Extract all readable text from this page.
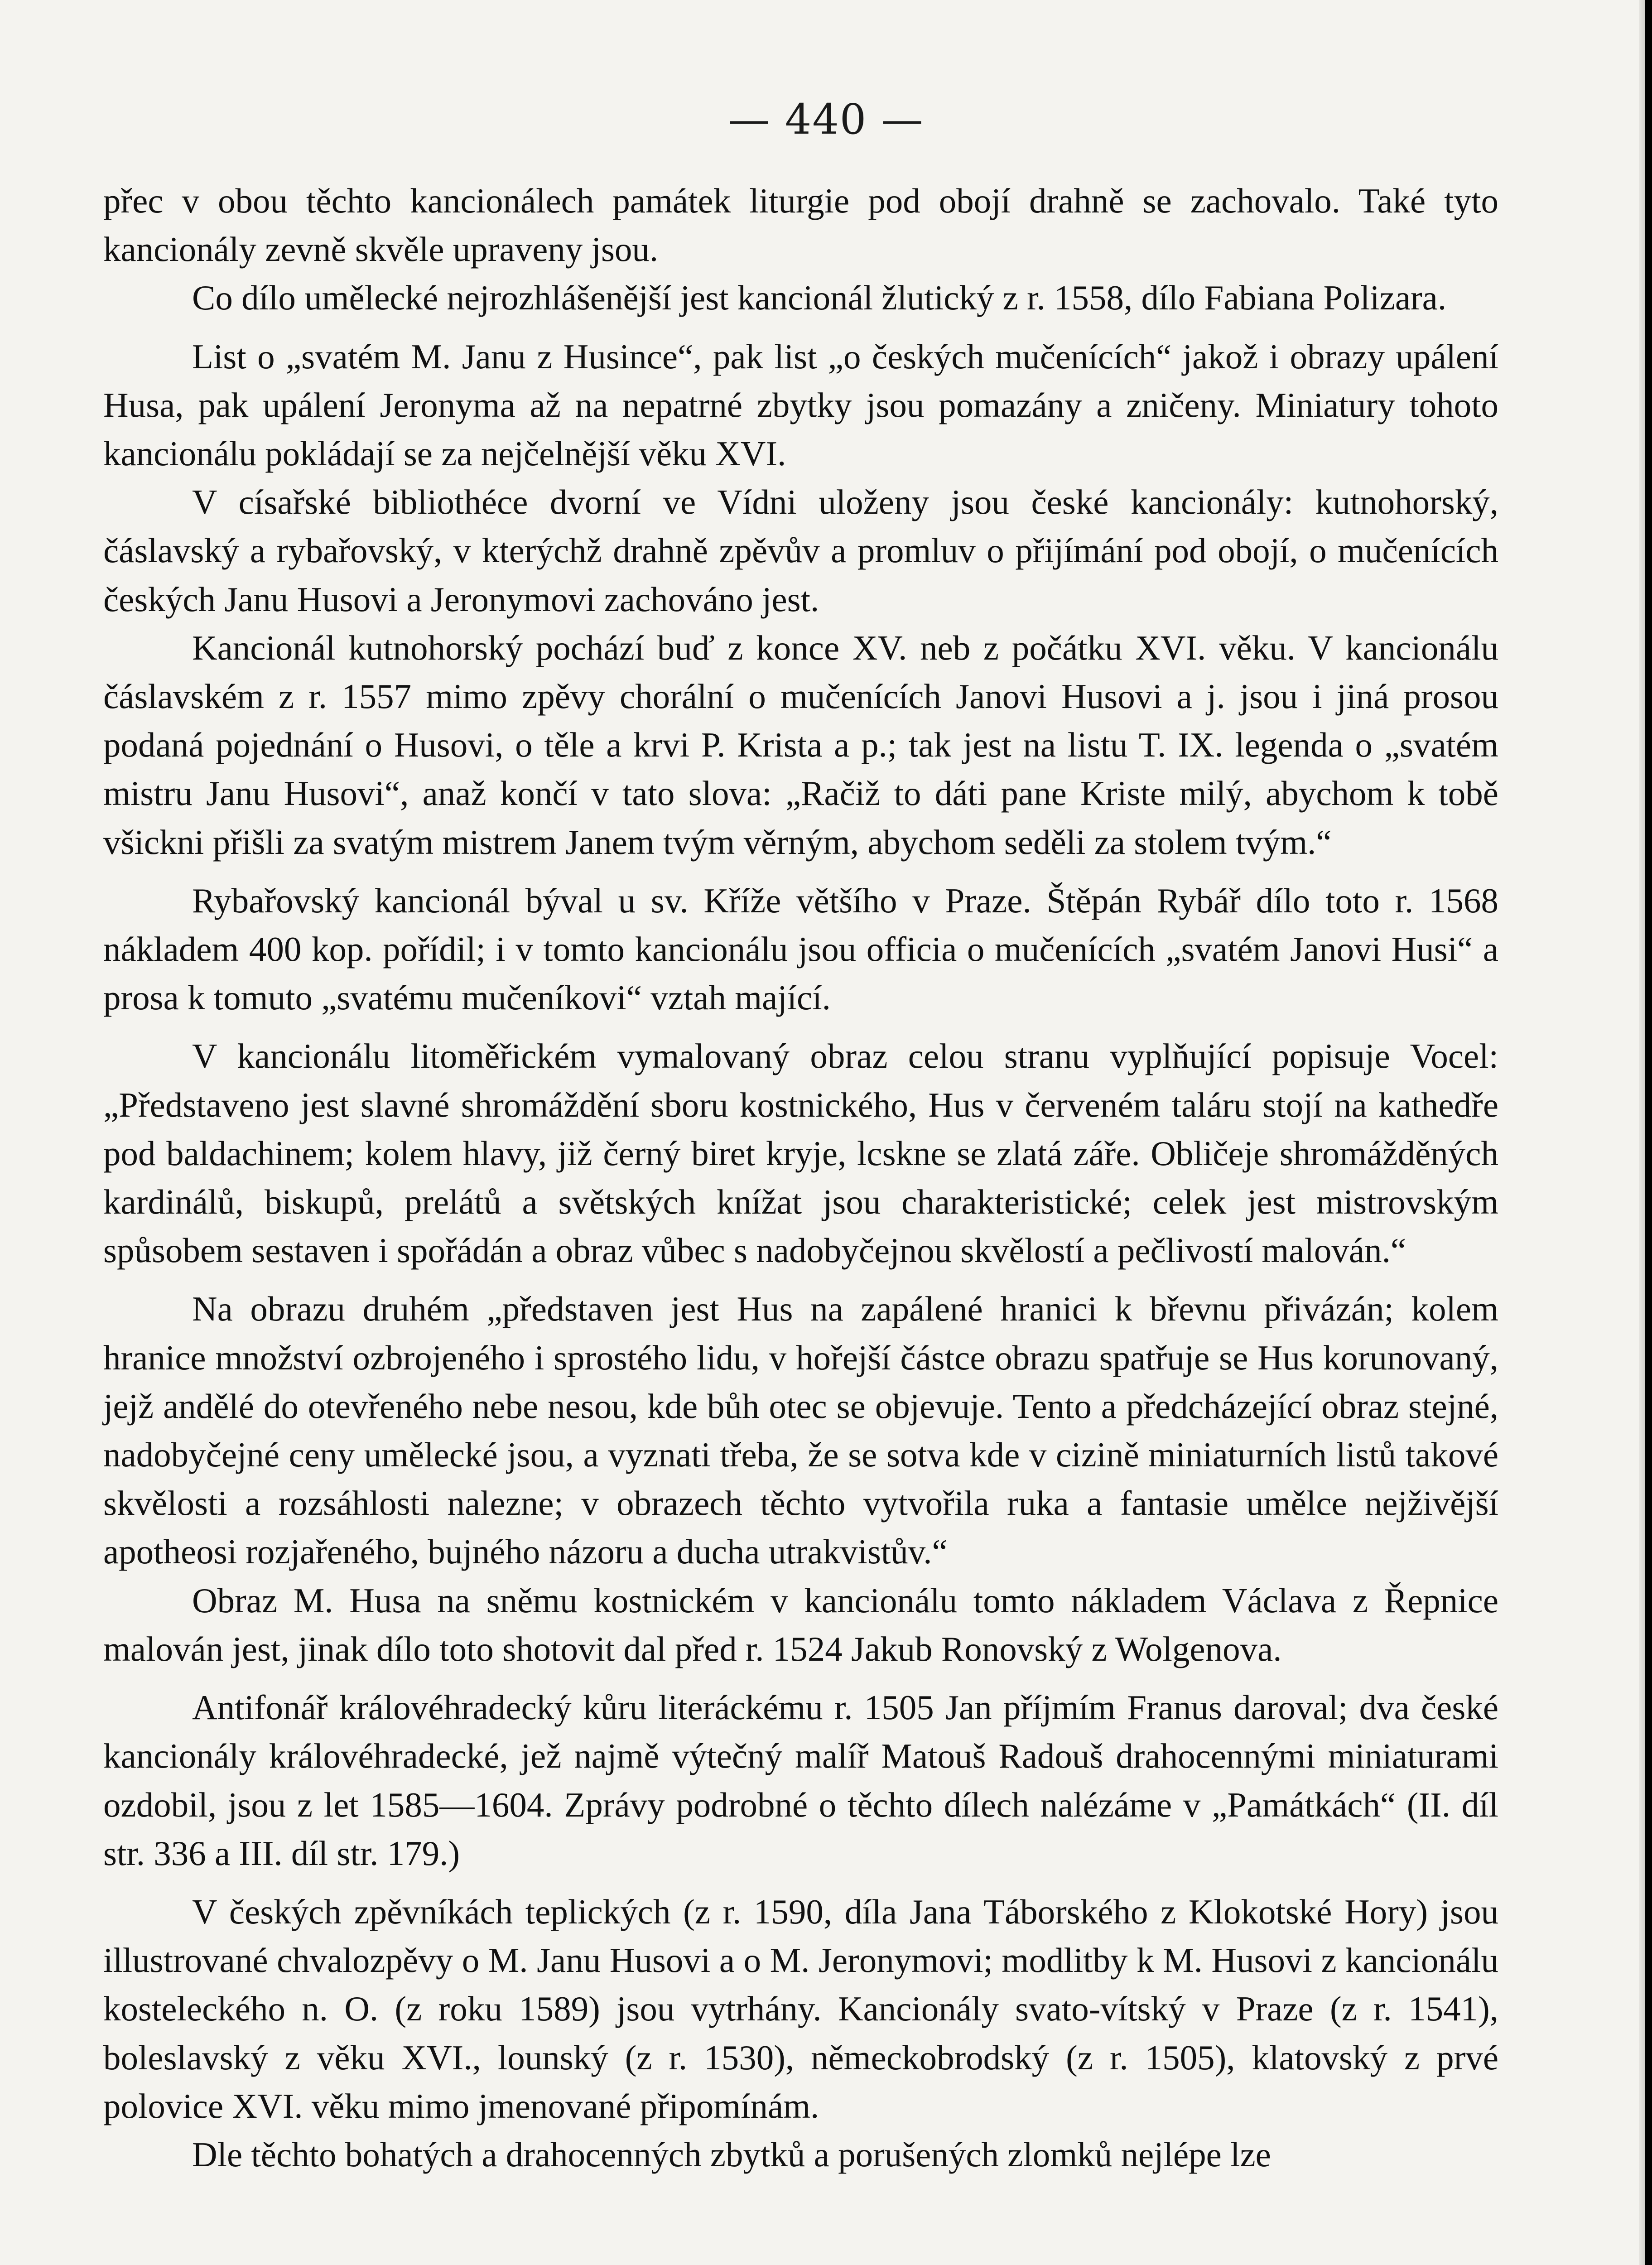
— 440 —

přec v obou těchto kancionálech památek liturgie pod obojí drahně se zachovalo. Také tyto kancionály zevně skvěle upraveny jsou.

Co dílo umělecké nejrozhlášenější jest kancionál žlutický z r. 1558, dílo Fabiana Polizara.

List o „svatém M. Janu z Husince“, pak list „o českých mučenících“ jakož i obrazy upálení Husa, pak upálení Jeronyma až na nepatrné zbytky jsou pomazány a zničeny. Miniatury tohoto kancionálu pokládají se za nejčelnější věku XVI.

V císařské bibliothéce dvorní ve Vídni uloženy jsou české kancionály: kutnohorský, čáslavský a rybařovský, v kterýchž drahně zpěvův a promluv o přijímání pod obojí, o mučenících českých Janu Husovi a Jeronymovi zachováno jest.

Kancionál kutnohorský pochází buď z konce XV. neb z počátku XVI. věku. V kancionálu čáslavském z r. 1557 mimo zpěvy chorální o mučenících Janovi Husovi a j. jsou i jiná prosou podaná pojednání o Husovi, o těle a krvi P. Krista a p.; tak jest na listu T. IX. legenda o „svatém mistru Janu Husovi“, anaž končí v tato slova: „Račiž to dáti pane Kriste milý, abychom k tobě všickni přišli za svatým mistrem Janem tvým věrným, abychom seděli za stolem tvým.“

Rybařovský kancionál býval u sv. Kříže většího v Praze. Štěpán Rybář dílo toto r. 1568 nákladem 400 kop. pořídil; i v tomto kancionálu jsou officia o mučenících „svatém Janovi Husi“ a prosa k tomuto „svatému mučeníkovi“ vztah mající.

V kancionálu litoměřickém vymalovaný obraz celou stranu vyplňující popisuje Vocel: „Představeno jest slavné shromáždění sboru kostnického, Hus v červeném taláru stojí na kathedře pod baldachinem; kolem hlavy, již černý biret kryje, lcskne se zlatá záře. Obličeje shromážděných kardinálů, biskupů, prelátů a světských knížat jsou charakteristické; celek jest mistrovským spůsobem sestaven i spořádán a obraz vůbec s nadobyčejnou skvělostí a pečlivostí malován.“

Na obrazu druhém „představen jest Hus na zapálené hranici k břevnu přivázán; kolem hranice množství ozbrojeného i sprostého lidu, v hořejší částce obrazu spatřuje se Hus korunovaný, jejž andělé do otevřeného nebe nesou, kde bůh otec se objevuje. Tento a předcházející obraz stejné, nadobyčejné ceny umělecké jsou, a vyznati třeba, že se sotva kde v cizině miniaturních listů takové skvělosti a rozsáhlosti nalezne; v obrazech těchto vytvořila ruka a fantasie umělce nejživější apotheosi rozjařeného, bujného názoru a ducha utrakvistův.“

Obraz M. Husa na sněmu kostnickém v kancionálu tomto nákladem Václava z Řepnice malován jest, jinak dílo toto shotovit dal před r. 1524 Jakub Ronovský z Wolgenova.

Antifonář královéhradecký kůru literáckému r. 1505 Jan příjmím Franus daroval; dva české kancionály královéhradecké, jež najmě výtečný malíř Matouš Radouš drahocennými miniaturami ozdobil, jsou z let 1585—1604. Zprávy podrobné o těchto dílech nalézáme v „Památkách“ (II. díl str. 336 a III. díl str. 179.)

V českých zpěvníkách teplických (z r. 1590, díla Jana Táborského z Klokotské Hory) jsou illustrované chvalozpěvy o M. Janu Husovi a o M. Jeronymovi; modlitby k M. Husovi z kancionálu kosteleckého n. O. (z roku 1589) jsou vytrhány. Kancionály svato-vítský v Praze (z r. 1541), boleslavský z věku XVI., lounský (z r. 1530), německobrodský (z r. 1505), klatovský z prvé polovice XVI. věku mimo jmenované připomínám.

Dle těchto bohatých a drahocenných zbytků a porušených zlomků nejlépe lze
